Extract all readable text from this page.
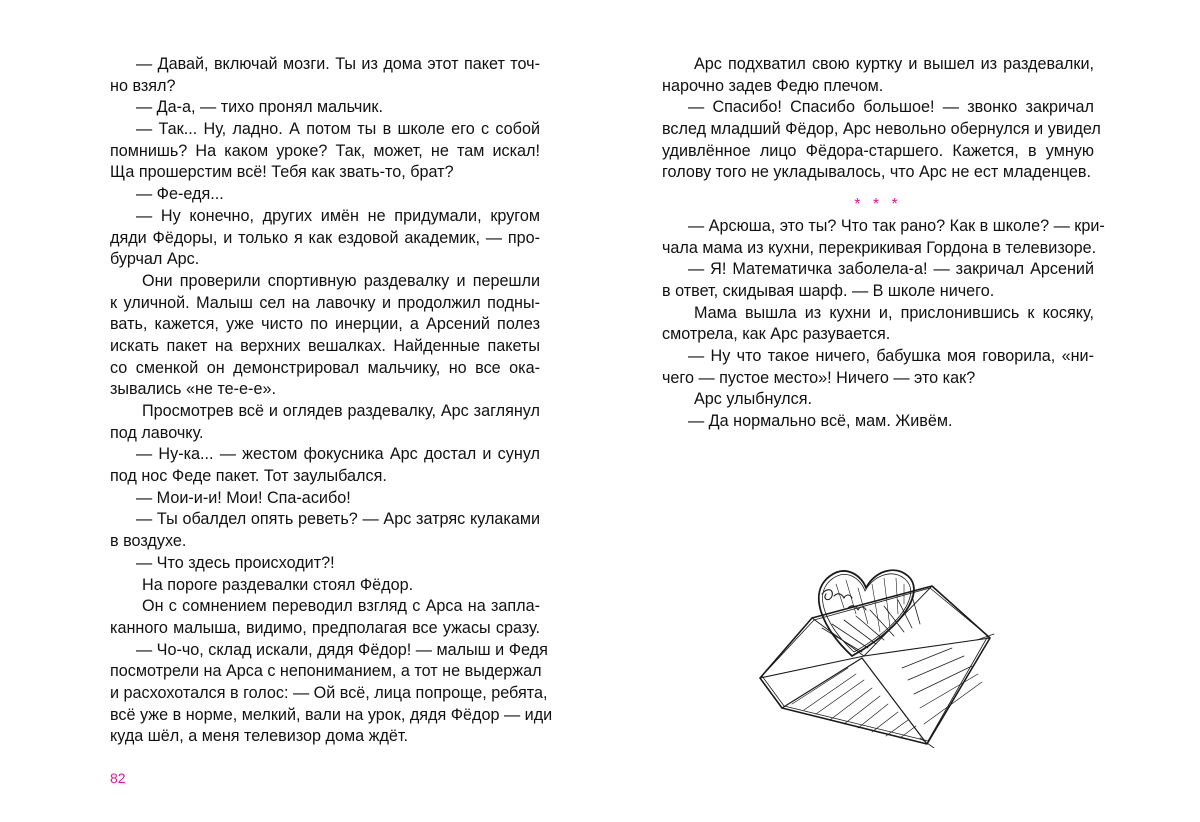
— Давай, включай мозги. Ты из дома этот пакет точ-
но взял?
— Да-а, — тихо пронял мальчик.
— Так... Ну, ладно. А потом ты в школе его с собой
помнишь? На каком уроке? Так, может, не там искал!
Ща прошерстим всё! Тебя как звать-то, брат?
— Фе-едя...
— Ну конечно, других имён не придумали, кругом
дяди Фёдоры, и только я как ездовой академик, — про-
бурчал Арс.
Они проверили спортивную раздевалку и перешли
к уличной. Малыш сел на лавочку и продолжил подны-
вать, кажется, уже чисто по инерции, а Арсений полез
искать пакет на верхних вешалках. Найденные пакеты
со сменкой он демонстрировал мальчику, но все ока-
зывались «не те-е-е».
Просмотрев всё и оглядев раздевалку, Арс заглянул
под лавочку.
— Ну-ка... — жестом фокусника Арс достал и сунул
под нос Феде пакет. Тот заулыбался.
— Мои-и-и! Мои! Спа-асибо!
— Ты обалдел опять реветь? — Арс затряс кулаками
в воздухе.
— Что здесь происходит?!
На пороге раздевалки стоял Фёдор.
Он с сомнением переводил взгляд с Арса на запла-
канного малыша, видимо, предполагая все ужасы сразу.
— Чо-чо, склад искали, дядя Фёдор! — малыш и Федя
посмотрели на Арса с непониманием, а тот не выдержал
и расхохотался в голос: — Ой всё, лица попроще, ребята,
всё уже в норме, мелкий, вали на урок, дядя Фёдор — иди
куда шёл, а меня телевизор дома ждёт.
82
Арс подхватил свою куртку и вышел из раздевалки,
нарочно задев Федю плечом.
— Спасибо! Спасибо большое! — звонко закричал
вслед младший Фёдор, Арс невольно обернулся и увидел
удивлённое лицо Фёдора-старшего. Кажется, в умную
голову того не укладывалось, что Арс не ест младенцев.
* * *
— Арсюша, это ты? Что так рано? Как в школе? — кри-
чала мама из кухни, перекрикивая Гордона в телевизоре.
— Я! Математичка заболела-а! — закричал Арсений
в ответ, скидывая шарф. — В школе ничего.
Мама вышла из кухни и, прислонившись к косяку,
смотрела, как Арс разувается.
— Ну что такое ничего, бабушка моя говорила, «ни-
чего — пустое место»! Ничего — это как?
Арс улыбнулся.
— Да нормально всё, мам. Живём.
